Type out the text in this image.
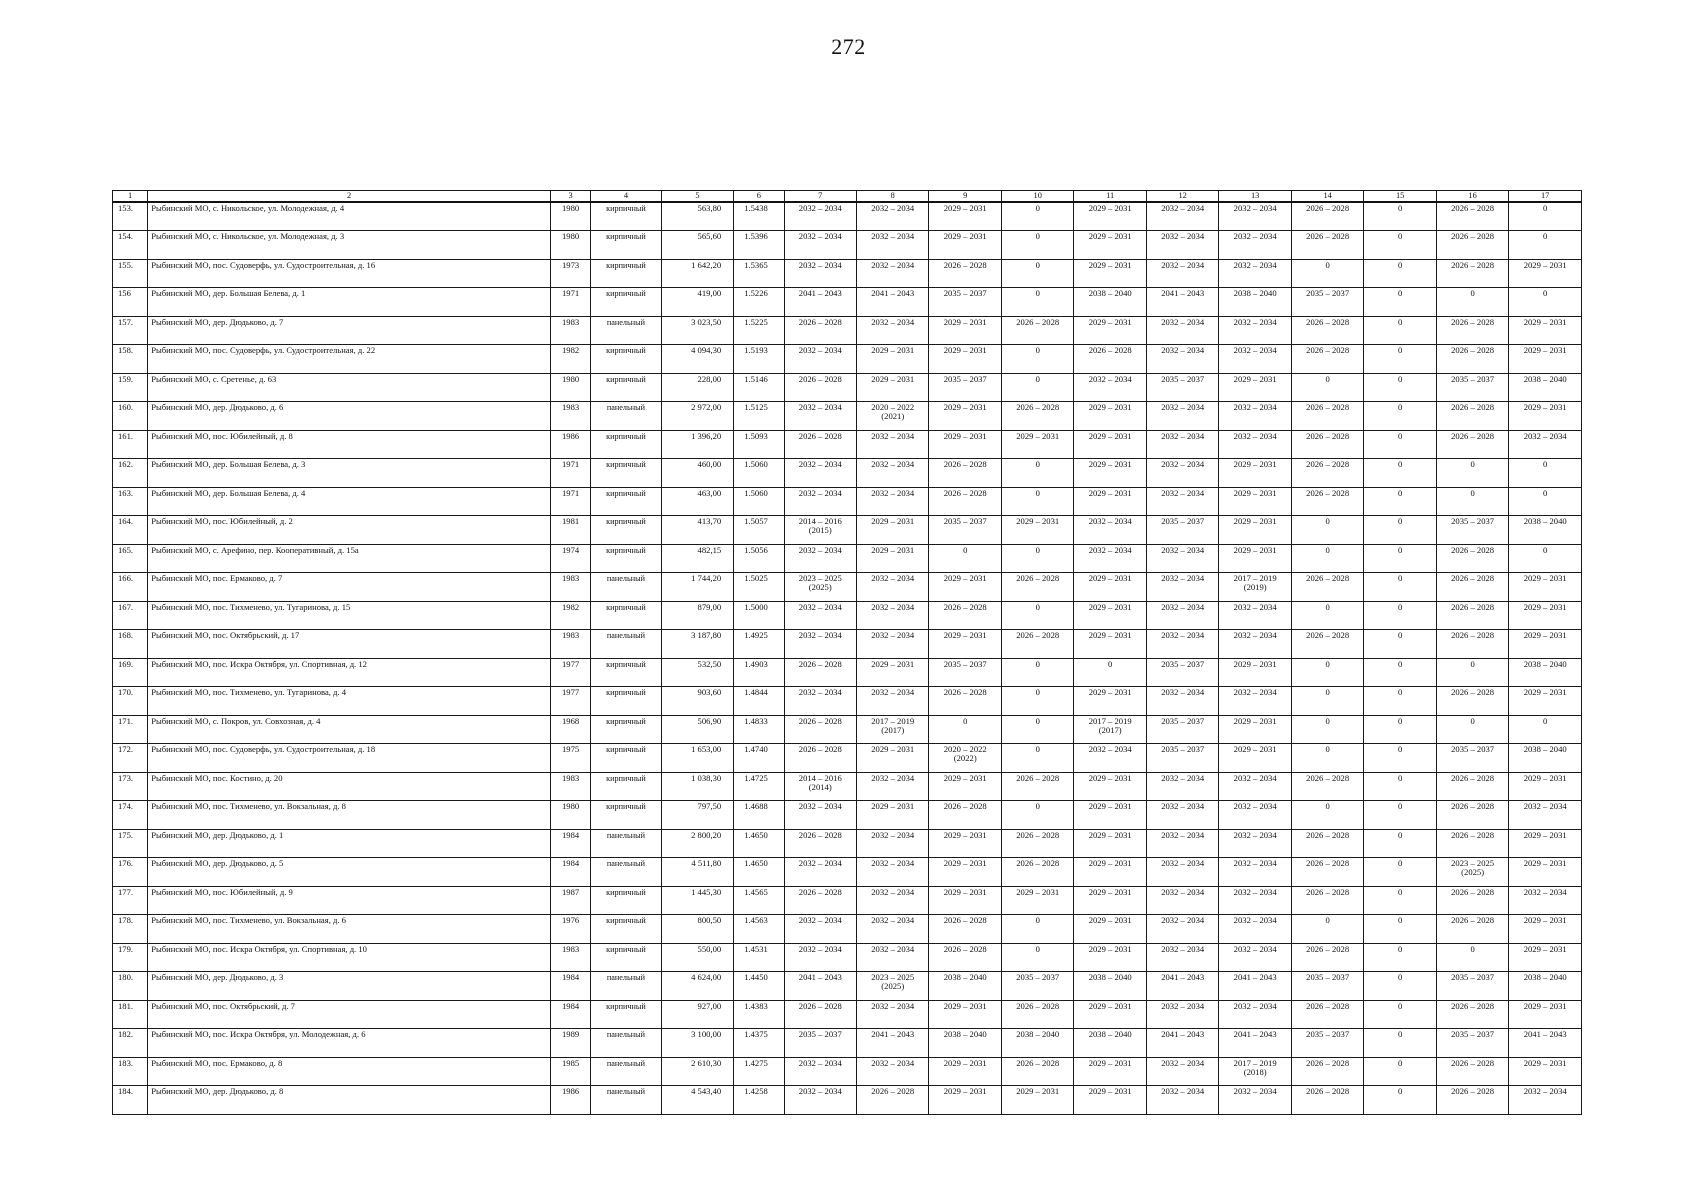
272
1	2	3	4	5	6	7	8	9	10	11	12	13	14	15	16	17
153.	Рыбинский МО, с. Никольское, ул. Молодежная, д. 4	1980	кирпичный	563,80	1.5438	2032 – 2034	2032 – 2034	2029 – 2031	0	2029 – 2031	2032 – 2034	2032 – 2034	2026 – 2028	0	2026 – 2028	0
154.	Рыбинский МО, с. Никольское, ул. Молодежная, д. 3	1980	кирпичный	565,60	1.5396	2032 – 2034	2032 – 2034	2029 – 2031	0	2029 – 2031	2032 – 2034	2032 – 2034	2026 – 2028	0	2026 – 2028	0
155.	Рыбинский МО, пос. Судоверфь, ул. Судостроительная, д. 16	1973	кирпичный	1 642,20	1.5365	2032 – 2034	2032 – 2034	2026 – 2028	0	2029 – 2031	2032 – 2034	2032 – 2034	0	0	2026 – 2028	2029 – 2031
156	Рыбинский МО, дер. Большая Белева, д. 1	1971	кирпичный	419,00	1.5226	2041 – 2043	2041 – 2043	2035 – 2037	0	2038 – 2040	2041 – 2043	2038 – 2040	2035 – 2037	0	0	0
157.	Рыбинский МО, дер. Дюдьково, д. 7	1983	панельный	3 023,50	1.5225	2026 – 2028	2032 – 2034	2029 – 2031	2026 – 2028	2029 – 2031	2032 – 2034	2032 – 2034	2026 – 2028	0	2026 – 2028	2029 – 2031
158.	Рыбинский МО, пос. Судоверфь, ул. Судостроительная, д. 22	1982	кирпичный	4 094,30	1.5193	2032 – 2034	2029 – 2031	2029 – 2031	0	2026 – 2028	2032 – 2034	2032 – 2034	2026 – 2028	0	2026 – 2028	2029 – 2031
159.	Рыбинский МО, с. Сретенье, д. 63	1980	кирпичный	228,00	1.5146	2026 – 2028	2029 – 2031	2035 – 2037	0	2032 – 2034	2035 – 2037	2029 – 2031	0	0	2035 – 2037	2038 – 2040
160.	Рыбинский МО, дер. Дюдьково, д. 6	1983	панельный	2 972,00	1.5125	2032 – 2034	2020 – 2022 (2021)	2029 – 2031	2026 – 2028	2029 – 2031	2032 – 2034	2032 – 2034	2026 – 2028	0	2026 – 2028	2029 – 2031
161.	Рыбинский МО, пос. Юбилейный, д. 8	1986	кирпичный	1 396,20	1.5093	2026 – 2028	2032 – 2034	2029 – 2031	2029 – 2031	2029 – 2031	2032 – 2034	2032 – 2034	2026 – 2028	0	2026 – 2028	2032 – 2034
162.	Рыбинский МО, дер. Большая Белева, д. 3	1971	кирпичный	460,00	1.5060	2032 – 2034	2032 – 2034	2026 – 2028	0	2029 – 2031	2032 – 2034	2029 – 2031	2026 – 2028	0	0	0
163.	Рыбинский МО, дер. Большая Белева, д. 4	1971	кирпичный	463,00	1.5060	2032 – 2034	2032 – 2034	2026 – 2028	0	2029 – 2031	2032 – 2034	2029 – 2031	2026 – 2028	0	0	0
164.	Рыбинский МО, пос. Юбилейный, д. 2	1981	кирпичный	413,70	1.5057	2014 – 2016 (2015)	2029 – 2031	2035 – 2037	2029 – 2031	2032 – 2034	2035 – 2037	2029 – 2031	0	0	2035 – 2037	2038 – 2040
165.	Рыбинский МО, с. Арефино, пер. Кооперативный, д. 15а	1974	кирпичный	482,15	1.5056	2032 – 2034	2029 – 2031	0	0	2032 – 2034	2032 – 2034	2029 – 2031	0	0	2026 – 2028	0
166.	Рыбинский МО, пос. Ермаково, д. 7	1983	панельный	1 744,20	1.5025	2023 – 2025 (2025)	2032 – 2034	2029 – 2031	2026 – 2028	2029 – 2031	2032 – 2034	2017 – 2019 (2019)	2026 – 2028	0	2026 – 2028	2029 – 2031
167.	Рыбинский МО, пос. Тихменево, ул. Тугаринова, д. 15	1982	кирпичный	879,00	1.5000	2032 – 2034	2032 – 2034	2026 – 2028	0	2029 – 2031	2032 – 2034	2032 – 2034	0	0	2026 – 2028	2029 – 2031
168.	Рыбинский МО, пос. Октябрьский, д. 17	1983	панельный	3 187,80	1.4925	2032 – 2034	2032 – 2034	2029 – 2031	2026 – 2028	2029 – 2031	2032 – 2034	2032 – 2034	2026 – 2028	0	2026 – 2028	2029 – 2031
169.	Рыбинский МО, пос. Искра Октября, ул. Спортивная, д. 12	1977	кирпичный	532,50	1.4903	2026 – 2028	2029 – 2031	2035 – 2037	0	0	2035 – 2037	2029 – 2031	0	0	0	2038 – 2040
170.	Рыбинский МО, пос. Тихменево, ул. Тугаринова, д. 4	1977	кирпичный	903,60	1.4844	2032 – 2034	2032 – 2034	2026 – 2028	0	2029 – 2031	2032 – 2034	2032 – 2034	0	0	2026 – 2028	2029 – 2031
171.	Рыбинский МО, с. Покров, ул. Совхозная, д. 4	1968	кирпичный	506,90	1.4833	2026 – 2028	2017 – 2019 (2017)	0	0	2017 – 2019 (2017)	2035 – 2037	2029 – 2031	0	0	0	0
172.	Рыбинский МО, пос. Судоверфь, ул. Судостроительная, д. 18	1975	кирпичный	1 653,00	1.4740	2026 – 2028	2029 – 2031	2020 – 2022 (2022)	0	2032 – 2034	2035 – 2037	2029 – 2031	0	0	2035 – 2037	2038 – 2040
173.	Рыбинский МО, пос. Костино, д. 20	1983	кирпичный	1 038,30	1.4725	2014 – 2016 (2014)	2032 – 2034	2029 – 2031	2026 – 2028	2029 – 2031	2032 – 2034	2032 – 2034	2026 – 2028	0	2026 – 2028	2029 – 2031
174.	Рыбинский МО, пос. Тихменево, ул. Вокзальная, д. 8	1980	кирпичный	797,50	1.4688	2032 – 2034	2029 – 2031	2026 – 2028	0	2029 – 2031	2032 – 2034	2032 – 2034	0	0	2026 – 2028	2032 – 2034
175.	Рыбинский МО, дер. Дюдьково, д. 1	1984	панельный	2 800,20	1.4650	2026 – 2028	2032 – 2034	2029 – 2031	2026 – 2028	2029 – 2031	2032 – 2034	2032 – 2034	2026 – 2028	0	2026 – 2028	2029 – 2031
176.	Рыбинский МО, дер. Дюдьково, д. 5	1984	панельный	4 511,80	1.4650	2032 – 2034	2032 – 2034	2029 – 2031	2026 – 2028	2029 – 2031	2032 – 2034	2032 – 2034	2026 – 2028	0	2023 – 2025 (2025)	2029 – 2031
177.	Рыбинский МО, пос. Юбилейный, д. 9	1987	кирпичный	1 445,30	1.4565	2026 – 2028	2032 – 2034	2029 – 2031	2029 – 2031	2029 – 2031	2032 – 2034	2032 – 2034	2026 – 2028	0	2026 – 2028	2032 – 2034
178.	Рыбинский МО, пос. Тихменево, ул. Вокзальная, д. 6	1976	кирпичный	800,50	1.4563	2032 – 2034	2032 – 2034	2026 – 2028	0	2029 – 2031	2032 – 2034	2032 – 2034	0	0	2026 – 2028	2029 – 2031
179.	Рыбинский МО, пос. Искра Октября, ул. Спортивная, д. 10	1983	кирпичный	550,00	1.4531	2032 – 2034	2032 – 2034	2026 – 2028	0	2029 – 2031	2032 – 2034	2032 – 2034	2026 – 2028	0	0	2029 – 2031
180.	Рыбинский МО, дер. Дюдьково, д. 3	1984	панельный	4 624,00	1.4450	2041 – 2043	2023 – 2025 (2025)	2038 – 2040	2035 – 2037	2038 – 2040	2041 – 2043	2041 – 2043	2035 – 2037	0	2035 – 2037	2038 – 2040
181.	Рыбинский МО, пос. Октябрьский, д. 7	1984	кирпичный	927,00	1.4383	2026 – 2028	2032 – 2034	2029 – 2031	2026 – 2028	2029 – 2031	2032 – 2034	2032 – 2034	2026 – 2028	0	2026 – 2028	2029 – 2031
182.	Рыбинский МО, пос. Искра Октября, ул. Молодежная, д. 6	1989	панельный	3 100,00	1.4375	2035 – 2037	2041 – 2043	2038 – 2040	2038 – 2040	2038 – 2040	2041 – 2043	2041 – 2043	2035 – 2037	0	2035 – 2037	2041 – 2043
183.	Рыбинский МО, пос. Ермаково, д. 8	1985	панельный	2 610,30	1.4275	2032 – 2034	2032 – 2034	2029 – 2031	2026 – 2028	2029 – 2031	2032 – 2034	2017 – 2019 (2018)	2026 – 2028	0	2026 – 2028	2029 – 2031
184.	Рыбинский МО, дер. Дюдьково, д. 8	1986	панельный	4 543,40	1.4258	2032 – 2034	2026 – 2028	2029 – 2031	2029 – 2031	2029 – 2031	2032 – 2034	2032 – 2034	2026 – 2028	0	2026 – 2028	2032 – 2034
